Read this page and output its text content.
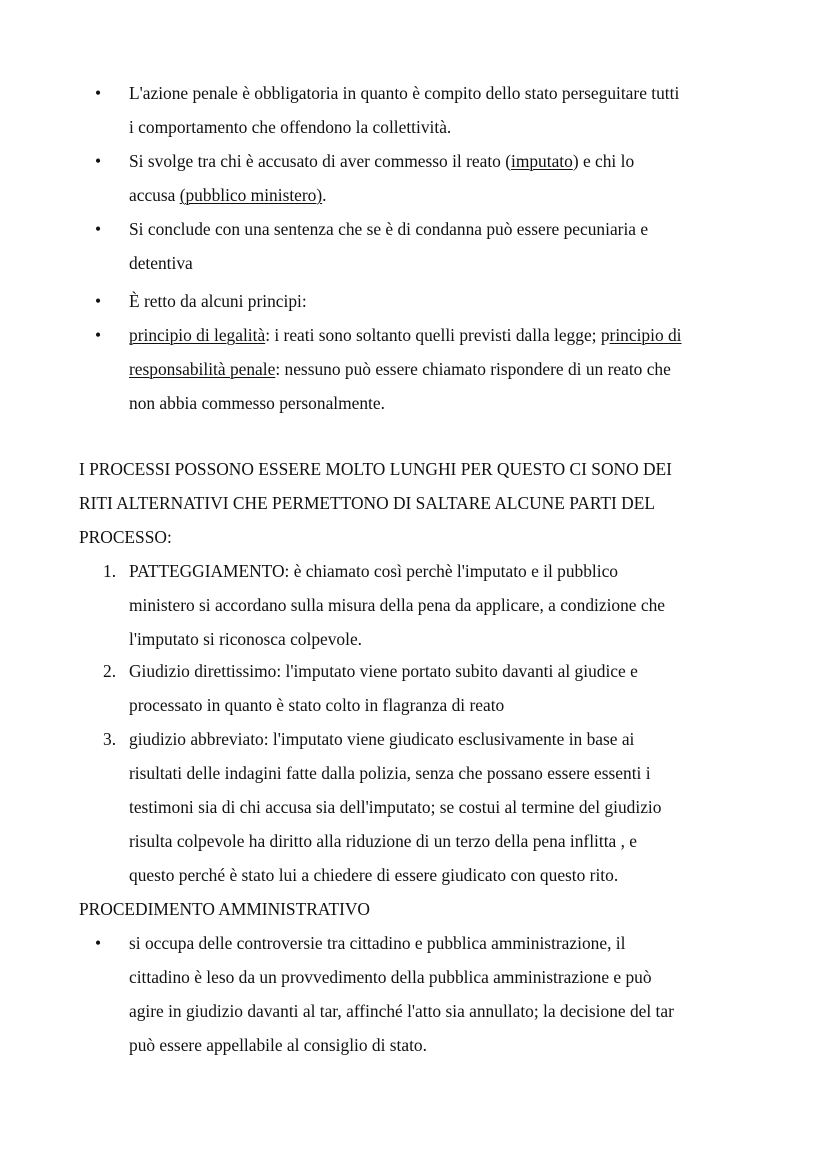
•	L'azione penale è obbligatoria in quanto è compito dello stato perseguitare tutti
i comportamento che offendono la collettività.
•	Si svolge tra chi è accusato di aver commesso il reato (imputato) e chi lo
accusa (pubblico ministero).
•	Si conclude con una sentenza che se è di condanna può essere pecuniaria e
detentiva
•	È retto da alcuni principi:
•	principio di legalità: i reati sono soltanto quelli previsti dalla legge; principio di
responsabilità penale: nessuno può essere chiamato rispondere di un reato che
non abbia commesso personalmente.
I PROCESSI POSSONO ESSERE MOLTO LUNGHI PER QUESTO CI SONO DEI
RITI ALTERNATIVI CHE PERMETTONO DI SALTARE ALCUNE PARTI DEL
PROCESSO:
1. PATTEGGIAMENTO: è chiamato così perchè l'imputato e il pubblico
ministero si accordano sulla misura della pena da applicare, a condizione che
l'imputato si riconosca colpevole.
2. Giudizio direttissimo: l'imputato viene portato subito davanti al giudice e
processato in quanto è stato colto in flagranza di reato
3. giudizio abbreviato: l'imputato viene giudicato esclusivamente in base ai
risultati delle indagini fatte dalla polizia, senza che possano essere essenti i
testimoni sia di chi accusa sia dell'imputato; se costui al termine del giudizio
risulta colpevole ha diritto alla riduzione di un terzo della pena inflitta , e
questo perché è stato lui a chiedere di essere giudicato con questo rito.
PROCEDIMENTO AMMINISTRATIVO
•	si occupa delle controversie tra cittadino e pubblica amministrazione, il
cittadino è leso da un provvedimento della pubblica amministrazione e può
agire in giudizio davanti al tar, affinché l'atto sia annullato; la decisione del tar
può essere appellabile al consiglio di stato.
